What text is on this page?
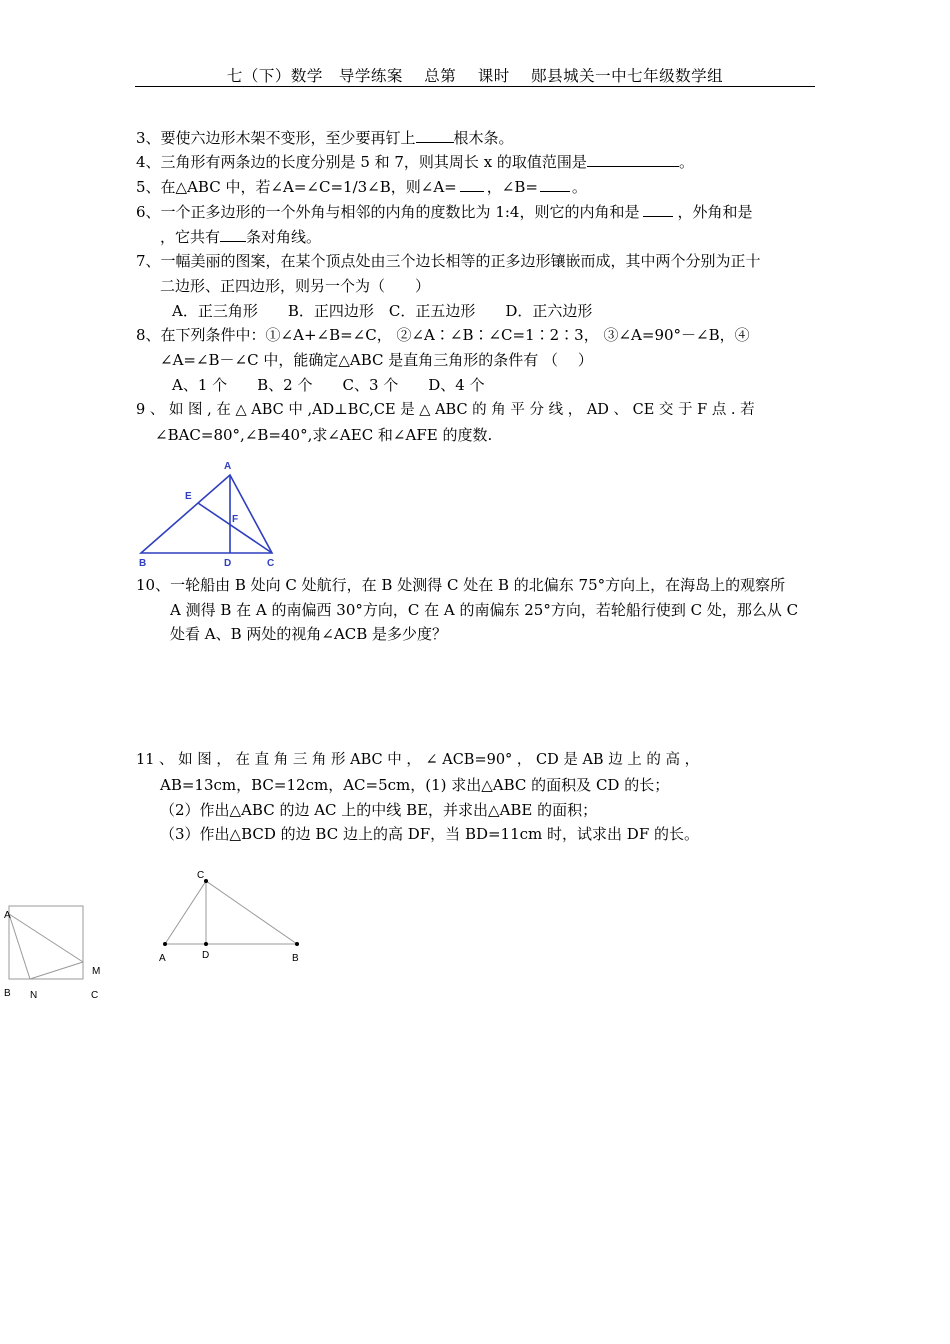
七（下）数学　导学练案　 总第　 课时　 郧县城关一中七年级数学组
3、要使六边形木架不变形，至少要再钉上	根木条。
4、三角形有两条边的长度分别是 5 和 7，则其周长 x 的取值范围是	。
5、在△ABC 中，若∠A=∠C=1/3∠B，则∠A= ，∠B= 。
6、一个正多边形的一个外角与相邻的内角的度数比为 1:4，则它的内角和是	，外角和是
，它共有 条对角线。
7、一幅美丽的图案，在某个顶点处由三个边长相等的正多边形镶嵌而成，其中两个分别为正十
二边形、正四边形，则另一个为（　　）
A．正三角形　　B．正四边形　C．正五边形　　D．正六边形
8、在下列条件中：①∠A+∠B=∠C， ②∠A∶∠B∶∠C=1∶2∶3， ③∠A=90°－∠B，④
∠A=∠B－∠C 中，能确定△ABC 是直角三角形的条件有 （　 ）
A、1 个　　B、2 个　　C、3 个　　D、4 个
9 、 如 图 , 在 △ ABC 中 ,AD⊥BC,CE 是 △ ABC 的 角 平 分 线 ， AD 、 CE 交 于 F 点 . 若
∠BAC=80°,∠B=40°,求∠AEC 和∠AFE 的度数.
A
B	C
D
E
F
10、一轮船由 B 处向 C 处航行，在 B 处测得 C 处在 B 的北偏东 75°方向上，在海岛上的观察所
A 测得 B 在 A 的南偏西 30°方向，C 在 A 的南偏东 25°方向，若轮船行使到 C 处，那么从 C
处看 A、B 两处的视角∠ACB 是多少度？
11 、 如 图 ， 在 直 角 三 角 形 ABC 中 ， ∠ ACB=90° ， CD 是 AB 边 上 的 高 ，
AB=13cm，BC=12cm，AC=5cm，(1) 求出△ABC 的面积及 CD 的长；
（2）作出△ABC 的边 AC 上的中线 BE，并求出△ABE 的面积；
（3）作出△BCD 的边 BC 边上的高 DF，当 BD=11cm 时，试求出 DF 的长。
A
B N	C
M
A
C
D	B
